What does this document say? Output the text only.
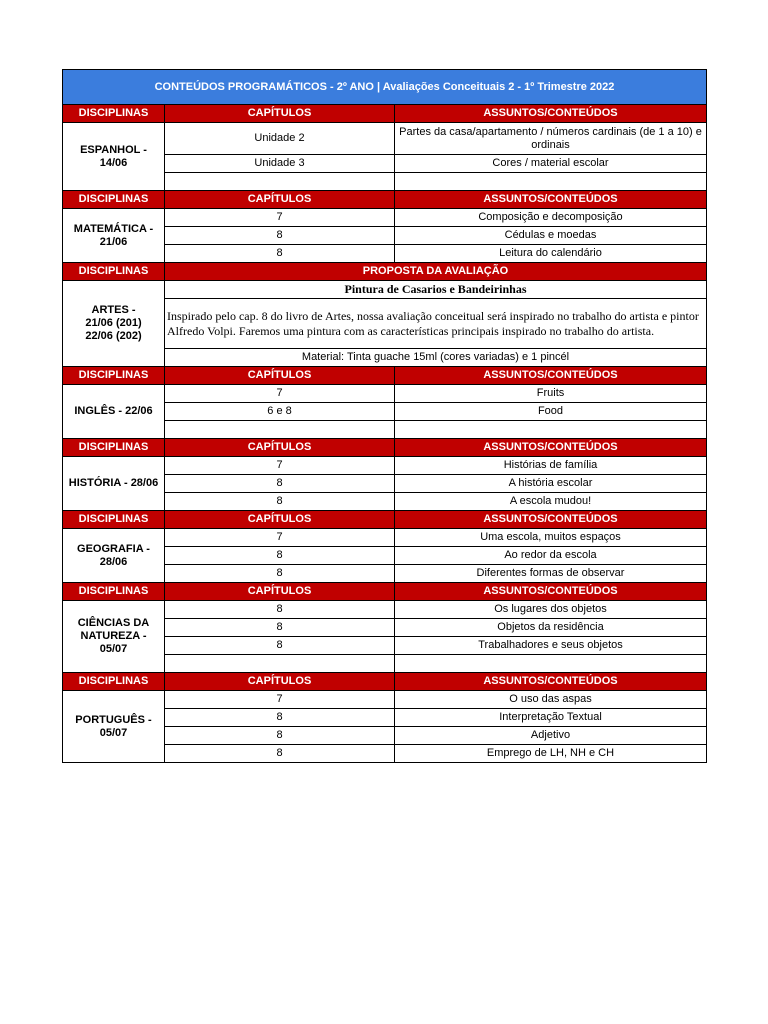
CONTEÚDOS PROGRAMÁTICOS - 2º ANO | Avaliações Conceituais 2 - 1º Trimestre 2022		
DISCIPLINAS	CAPÍTULOS	ASSUNTOS/CONTEÚDOS
ESPANHOL - 14/06	Unidade 2	Partes da casa/apartamento / números cardinais (de 1 a 10) e ordinais
	Unidade 3	Cores / material escolar

DISCIPLINAS	CAPÍTULOS	ASSUNTOS/CONTEÚDOS
MATEMÁTICA - 21/06	7	Composição e decomposição
	8	Cédulas e moedas
	8	Leitura do calendário
DISCIPLINAS	PROPOSTA DA AVALIAÇÃO	
ARTES -
21/06 (201)
22/06 (202)	Pintura de Casarios e Bandeirinhas	
	Inspirado pelo cap. 8 do livro de Artes, nossa avaliação conceitual será inspirado no trabalho do artista e pintor Alfredo Volpi. Faremos uma pintura com as características principais inspirado no trabalho do artista.	
	Material: Tinta guache 15ml (cores variadas) e 1 pincél	
DISCIPLINAS	CAPÍTULOS	ASSUNTOS/CONTEÚDOS
INGLÊS - 22/06	7	Fruits
	6 e 8	Food

DISCIPLINAS	CAPÍTULOS	ASSUNTOS/CONTEÚDOS
HISTÓRIA - 28/06	7	Histórias de família
	8	A história escolar
	8	A escola mudou!
DISCIPLINAS	CAPÍTULOS	ASSUNTOS/CONTEÚDOS
GEOGRAFIA - 28/06	7	Uma escola, muitos espaços
	8	Ao redor da escola
	8	Diferentes formas de observar
DISCIPLINAS	CAPÍTULOS	ASSUNTOS/CONTEÚDOS
CIÊNCIAS DA NATUREZA - 05/07	8	Os lugares dos objetos
	8	Objetos da residência
	8	Trabalhadores e seus objetos

DISCIPLINAS	CAPÍTULOS	ASSUNTOS/CONTEÚDOS
PORTUGUÊS - 05/07	7	O uso das aspas
	8	Interpretação Textual
	8	Adjetivo
	8	Emprego de LH, NH e CH
